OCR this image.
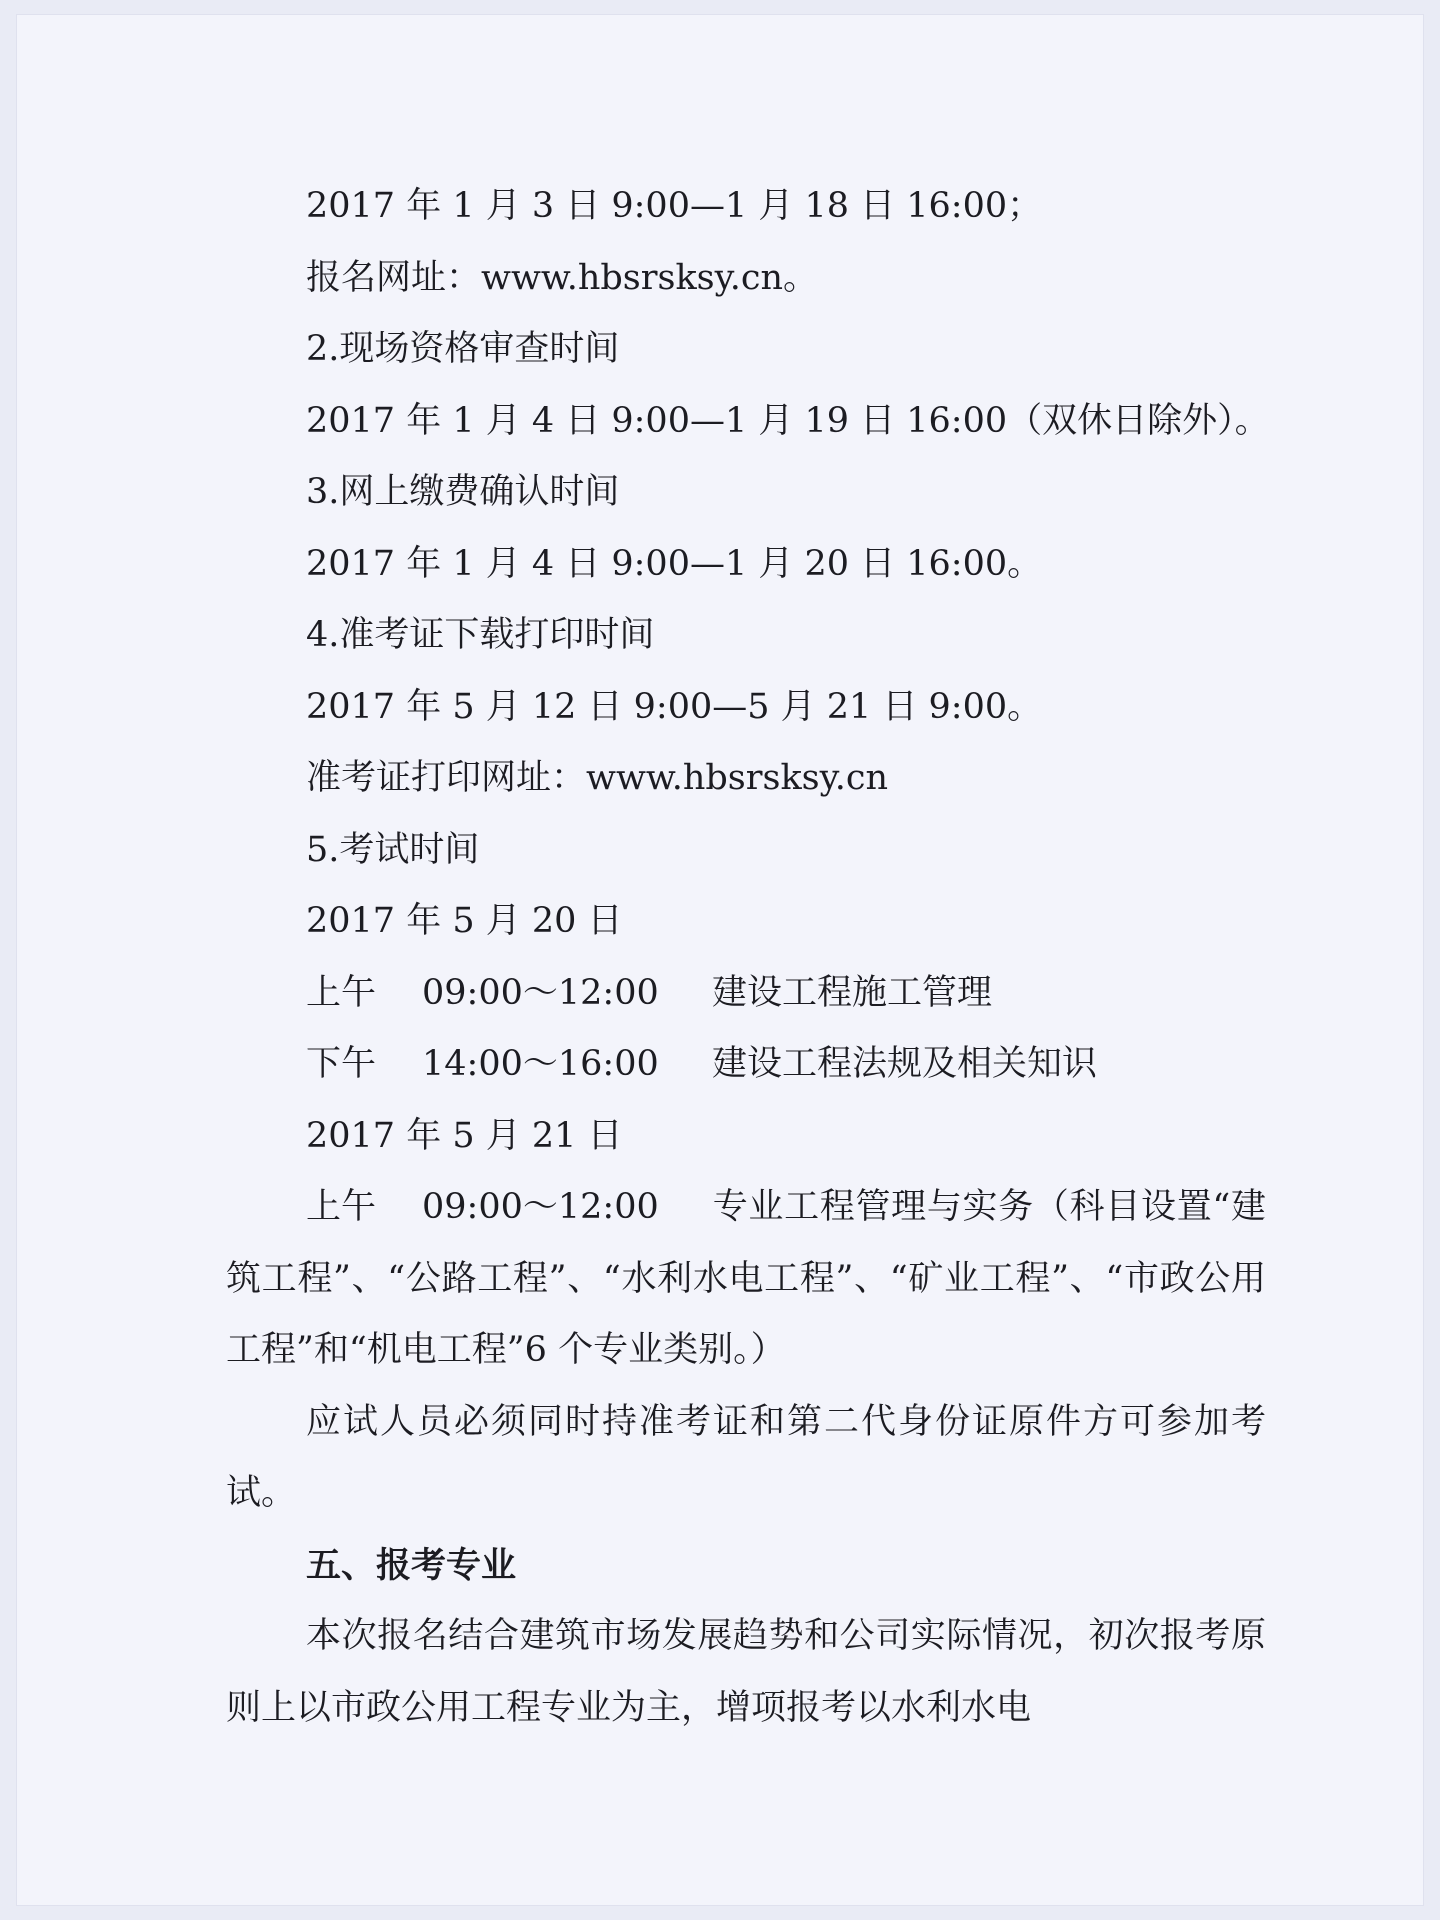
2017 年 1 月 3 日 9:00—1 月 18 日 16:00；
报名网址：www.hbsrsksy.cn。
2.现场资格审查时间
2017 年 1 月 4 日 9:00—1 月 19 日 16:00（双休日除外）。
3.网上缴费确认时间
2017 年 1 月 4 日 9:00—1 月 20 日 16:00。
4.准考证下载打印时间
2017 年 5 月 12 日 9:00—5 月 21 日 9:00。
准考证打印网址：www.hbsrsksy.cn
5.考试时间
2017 年 5 月 20 日
上午 09:00～12:00 建设工程施工管理
下午 14:00～16:00 建设工程法规及相关知识
2017 年 5 月 21 日
上午 09:00～12:00 专业工程管理与实务（科目设置“建筑工程”、“公路工程”、“水利水电工程”、“矿业工程”、“市政公用工程”和“机电工程”6 个专业类别。）
应试人员必须同时持准考证和第二代身份证原件方可参加考试。
五、报考专业
本次报名结合建筑市场发展趋势和公司实际情况，初次报考原则上以市政公用工程专业为主，增项报考以水利水电
